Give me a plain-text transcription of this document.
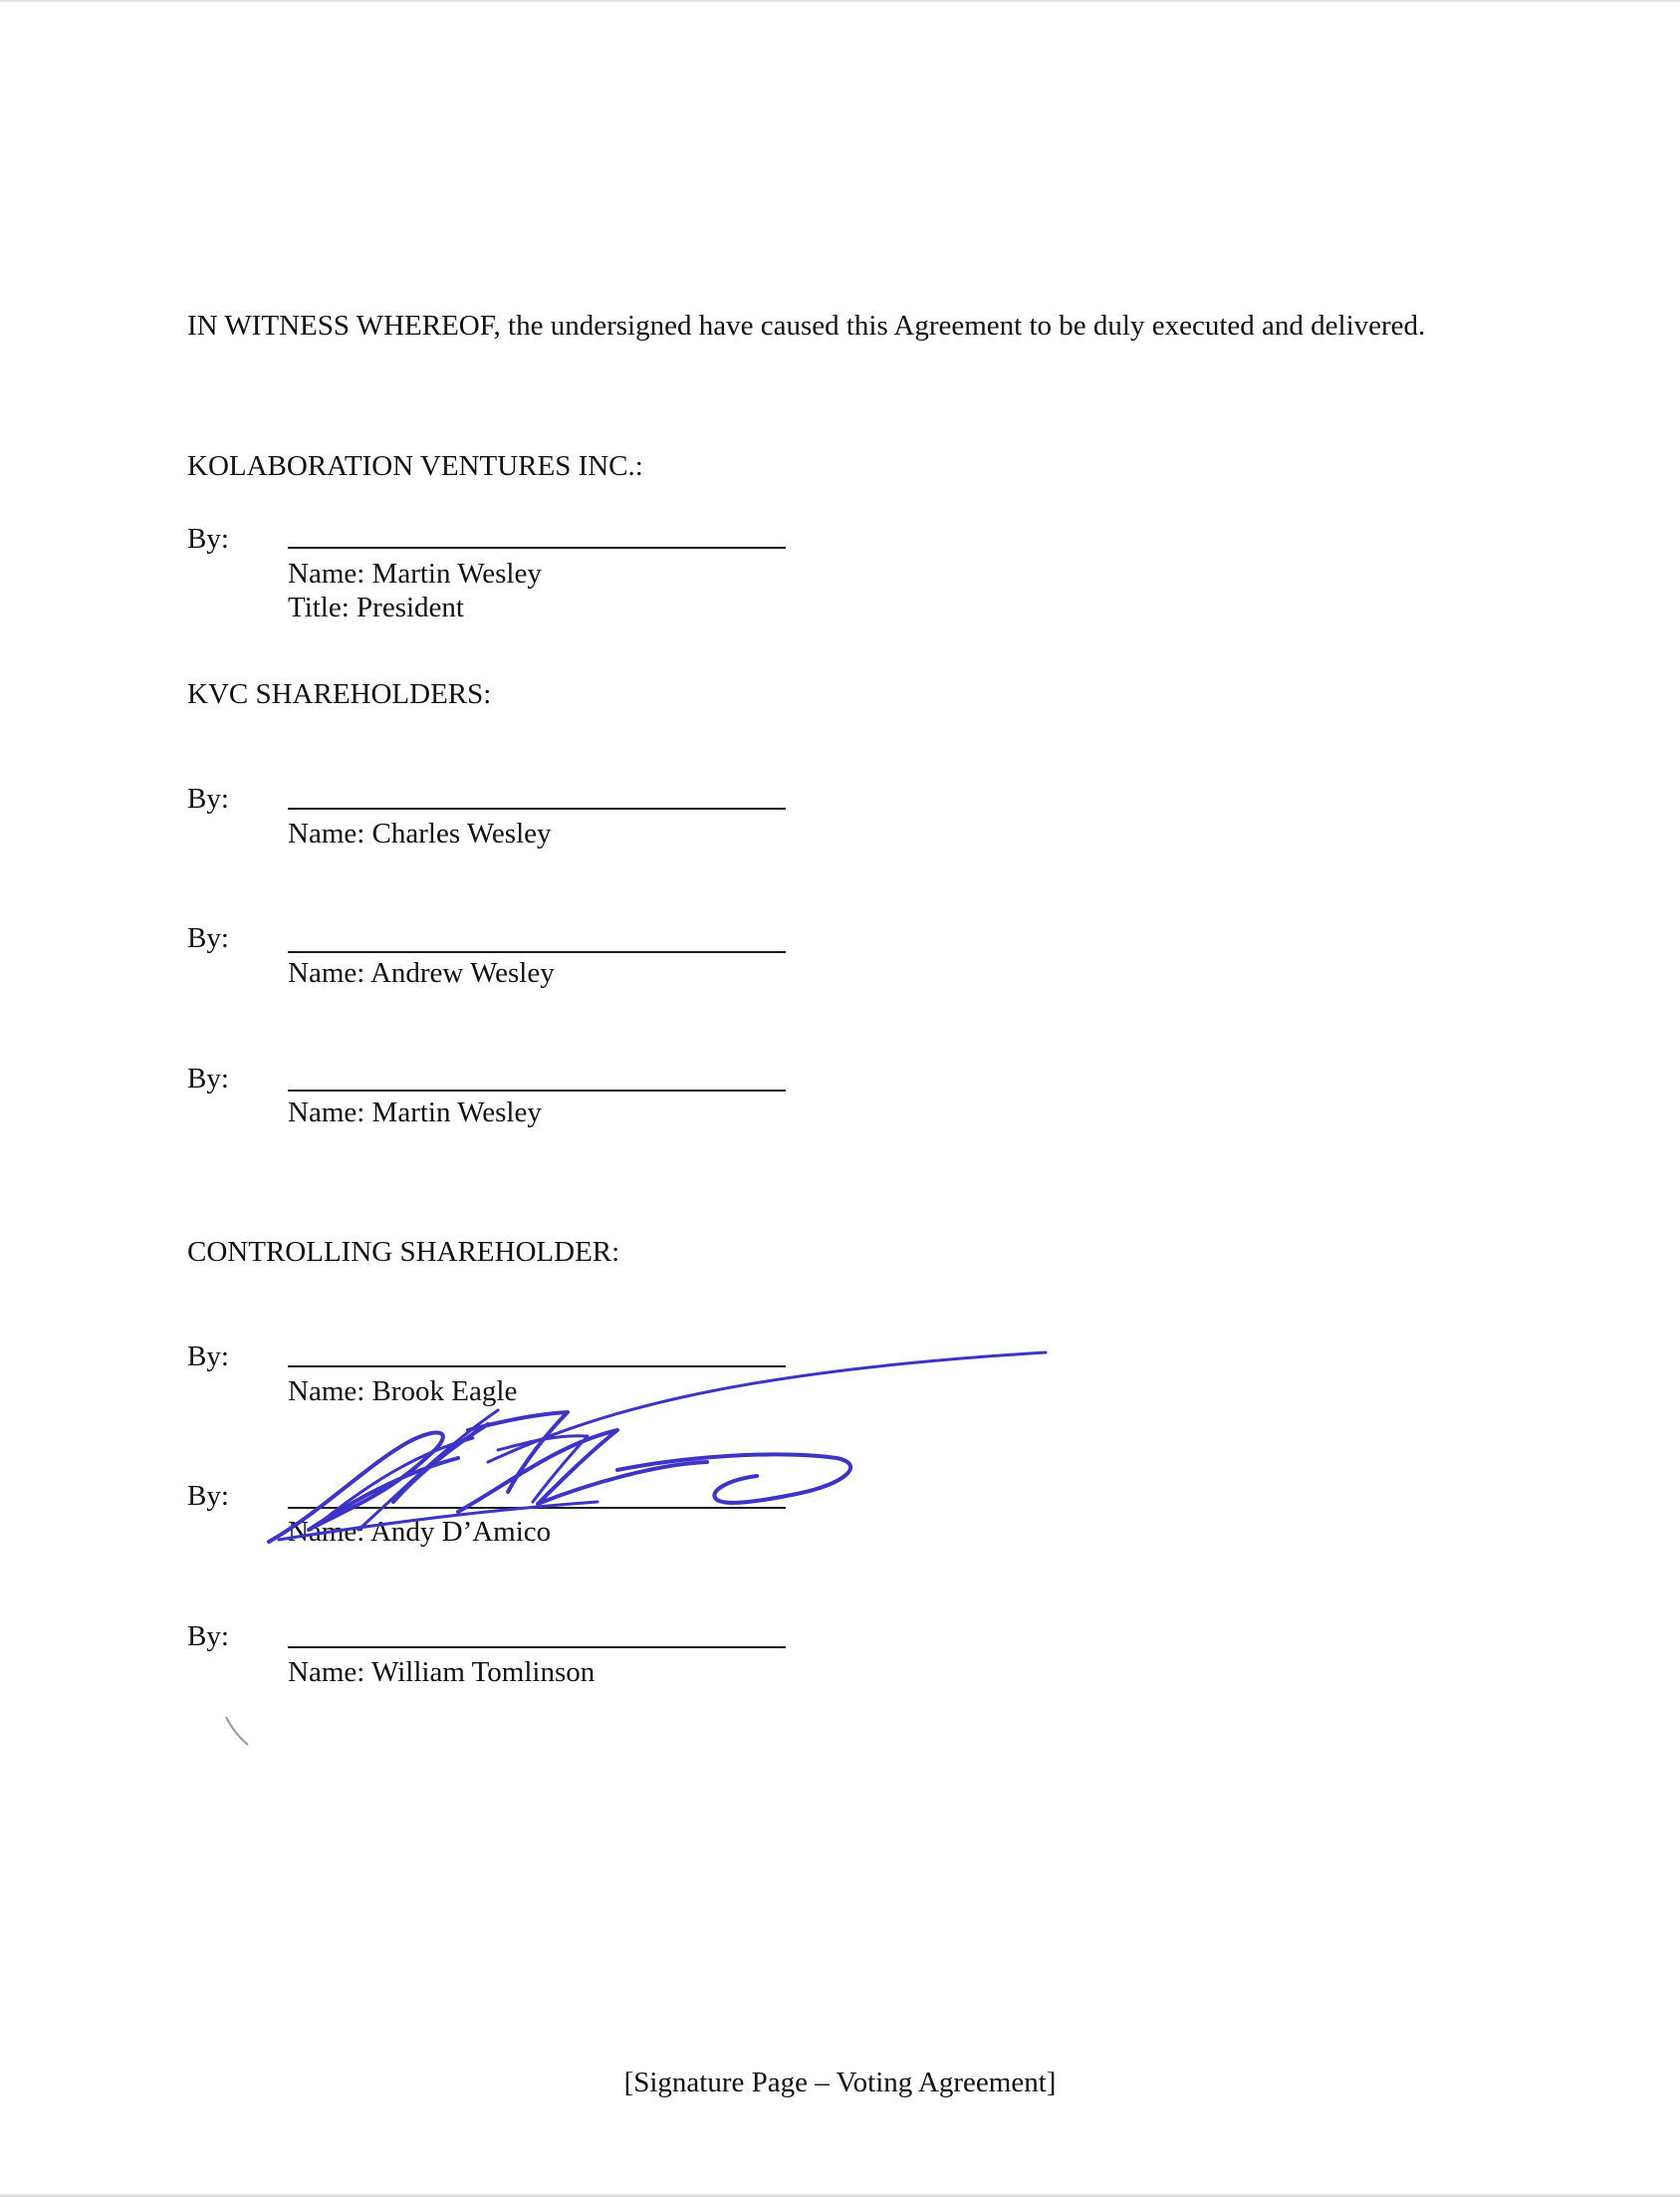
IN WITNESS WHEREOF, the undersigned have caused this Agreement to be duly executed and delivered.
KOLABORATION VENTURES INC.:
By:
Name: Martin Wesley
Title: President
KVC SHAREHOLDERS:
By:
Name: Charles Wesley
By:
Name: Andrew Wesley
By:
Name: Martin Wesley
CONTROLLING SHAREHOLDER:
By:
Name: Brook Eagle
By:
Name: Andy D’Amico
By:
Name: William Tomlinson
[Signature Page – Voting Agreement]
